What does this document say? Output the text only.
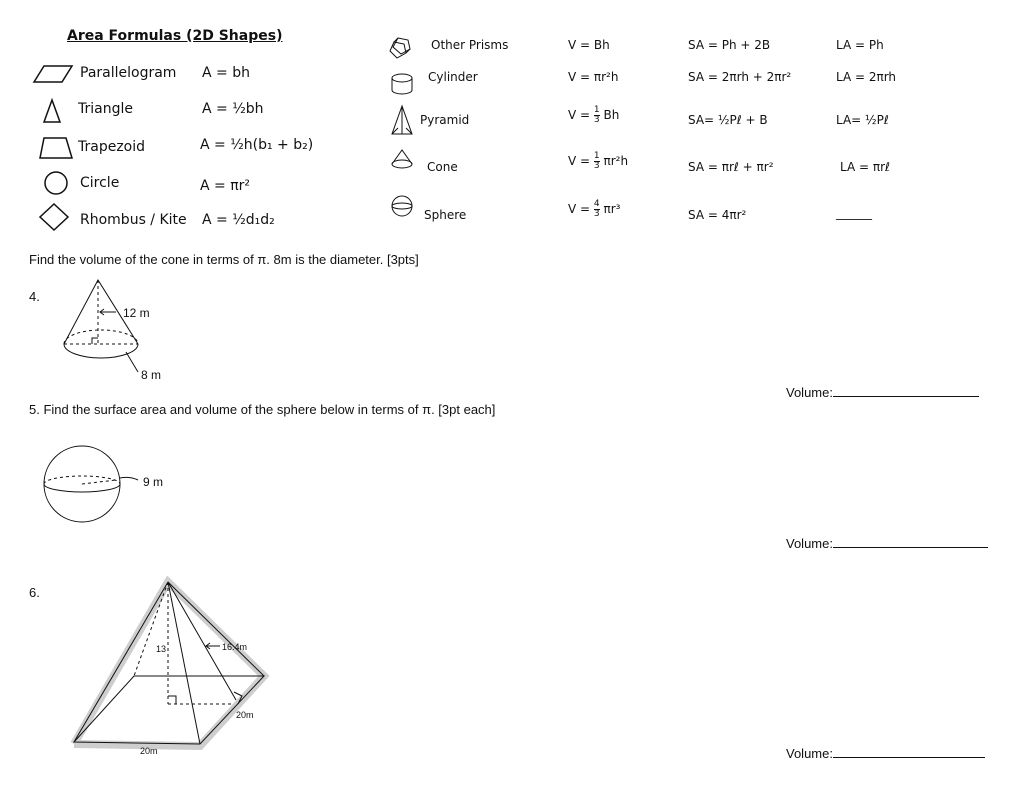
Area Formulas (2D Shapes)
Parallelogram A = bh
Triangle	A = ½bh
Trapezoid	A = ½h(b₁ + b₂)
Circle	A = πr²
Rhombus / Kite A = ½d₁d₂
Other Prisms	V = Bh	SA = Ph + 2B	LA = Ph
Cylinder	V = πr²h	SA = 2πrh + 2πr²	LA = 2πrh
Pyramid	$V = \frac{1}{3}$ Bh	SA= ½Pℓ + B	LA= ½Pℓ
Cone	$V = \frac{1}{3} \pi r^2h$	SA = πrℓ + πr²	LA = πrℓ
Sphere	$V = \frac{4}{3} \pi r^3$	SA = 4πr²	______
Find the volume of the cone in terms of π. 8m is the diameter. [3pts]
4.
12 m
8 m
Volume:
5. Find the surface area and volume of the sphere below in terms of π. [3pt each]
9 m
Volume:
6.
13	16.4m
20m
20m	Volume:
